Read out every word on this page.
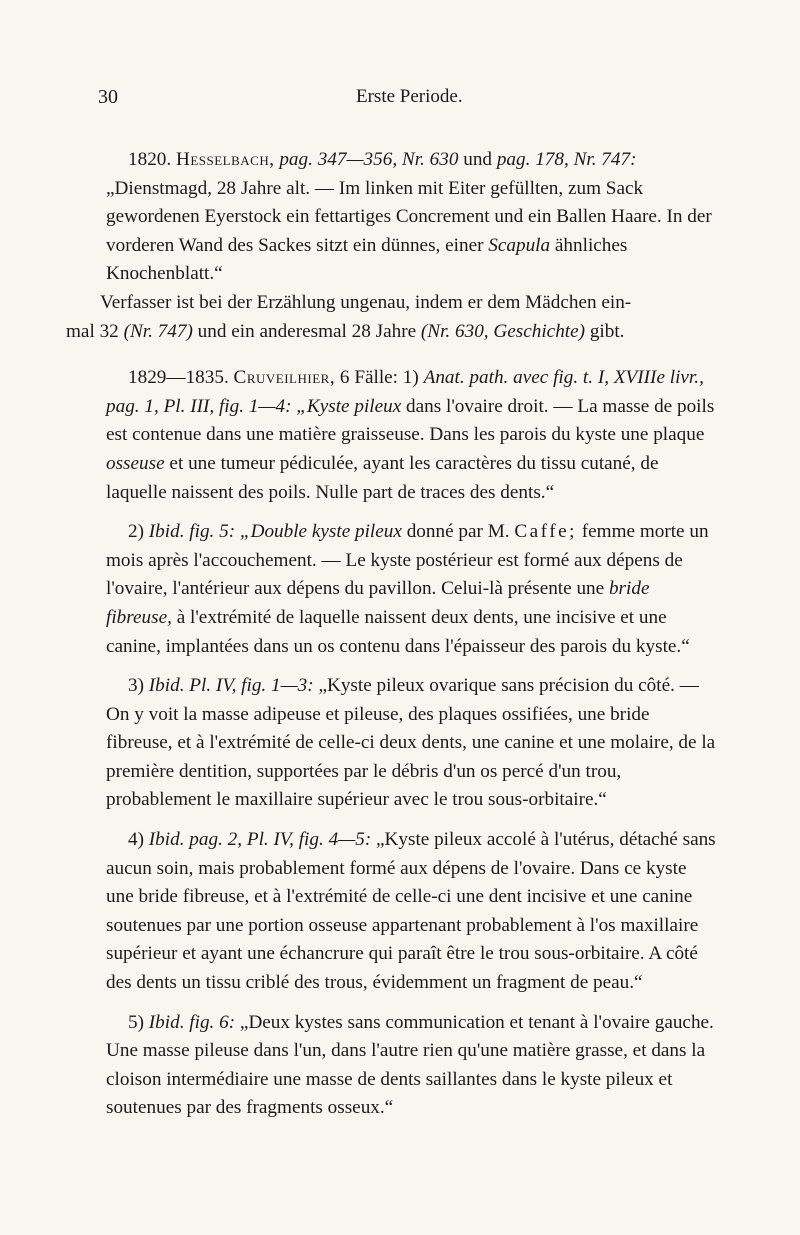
30	Erste Periode.

1820. Hesselbach, pag. 347—356, Nr. 630 und pag. 178, Nr. 747: „Dienstmagd, 28 Jahre alt. — Im linken mit Eiter gefüllten, zum Sack gewordenen Eyerstock ein fettartiges Concrement und ein Ballen Haare. In der vorderen Wand des Sackes sitzt ein dünnes, einer Scapula ähnliches Knochenblatt.“

Verfasser ist bei der Erzählung ungenau, indem er dem Mädchen ein-
mal 32 (Nr. 747) und ein anderesmal 28 Jahre (Nr. 630, Geschichte) gibt.

1829—1835. Cruveilhier, 6 Fälle: 1) Anat. path. avec fig. t. I, XVIIIe livr., pag. 1, Pl. III, fig. 1—4: „Kyste pileux dans l'ovaire droit. — La masse de poils est contenue dans une matière graisseuse. Dans les parois du kyste une plaque osseuse et une tumeur pédiculée, ayant les caractères du tissu cutané, de laquelle naissent des poils. Nulle part de traces des dents.“

2) Ibid. fig. 5: „Double kyste pileux donné par M. Caffe; femme morte un mois après l'accouchement. — Le kyste postérieur est formé aux dépens de l'ovaire, l'antérieur aux dépens du pavillon. Celui-là présente une bride fibreuse, à l'extrémité de laquelle naissent deux dents, une incisive et une canine, implantées dans un os contenu dans l'épaisseur des parois du kyste.“

3) Ibid. Pl. IV, fig. 1—3: „Kyste pileux ovarique sans précision du côté. — On y voit la masse adipeuse et pileuse, des plaques ossifiées, une bride fibreuse, et à l'extrémité de celle-ci deux dents, une canine et une molaire, de la première dentition, supportées par le débris d'un os percé d'un trou, probablement le maxillaire supérieur avec le trou sous-orbitaire.“

4) Ibid. pag. 2, Pl. IV, fig. 4—5: „Kyste pileux accolé à l'utérus, détaché sans aucun soin, mais probablement formé aux dépens de l'ovaire. Dans ce kyste une bride fibreuse, et à l'extrémité de celle-ci une dent incisive et une canine soutenues par une portion osseuse appartenant probablement à l'os maxillaire supérieur et ayant une échancrure qui paraît être le trou sous-orbitaire. A côté des dents un tissu criblé des trous, évidemment un fragment de peau.“

5) Ibid. fig. 6: „Deux kystes sans communication et tenant à l'ovaire gauche. Une masse pileuse dans l'un, dans l'autre rien qu'une matière grasse, et dans la cloison intermédiaire une masse de dents saillantes dans le kyste pileux et soutenues par des fragments osseux.“
